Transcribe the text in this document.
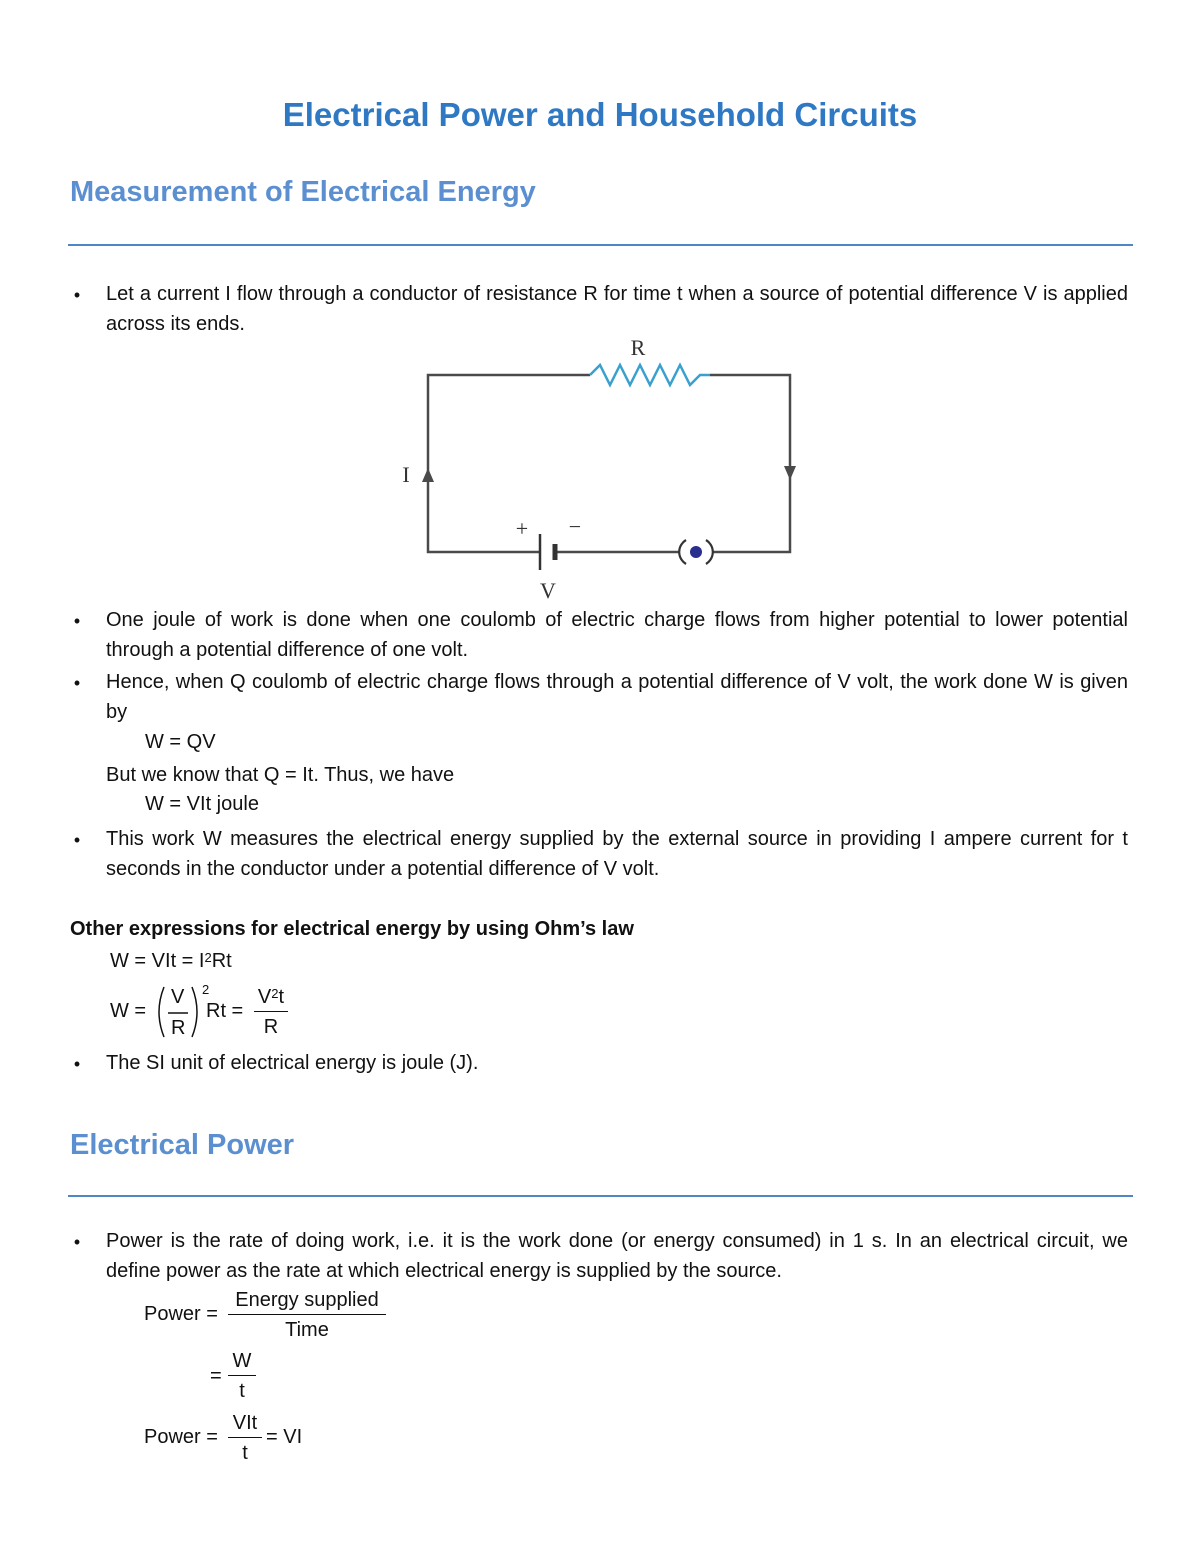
Electrical Power and Household Circuits
Measurement of Electrical Energy
• Let a current I flow through a conductor of resistance R for time t when a source of potential difference V is applied across its ends.
R
I
+ −
V
• One joule of work is done when one coulomb of electric charge flows from higher potential to lower potential through a potential difference of one volt.
• Hence, when Q coulomb of electric charge flows through a potential difference of V volt, the work done W is given by
W = QV
But we know that Q = It. Thus, we have
W = VIt joule
• This work W measures the electrical energy supplied by the external source in providing I ampere current for t seconds in the conductor under a potential difference of V volt.
Other expressions for electrical energy by using Ohm’s law
W = VIt = $I^2Rt$
W =
V
R
2
$Rt = \frac{V^2t}{R}$
• The SI unit of electrical energy is joule (J).
Electrical Power
• Power is the rate of doing work, i.e. it is the work done (or energy consumed) in 1 s. In an electrical circuit, we define power as the rate at which electrical energy is supplied by the source.
Power =
Energy supplied
Time
= $\frac{W}{t}$
Power =
VIt
t
= VI
